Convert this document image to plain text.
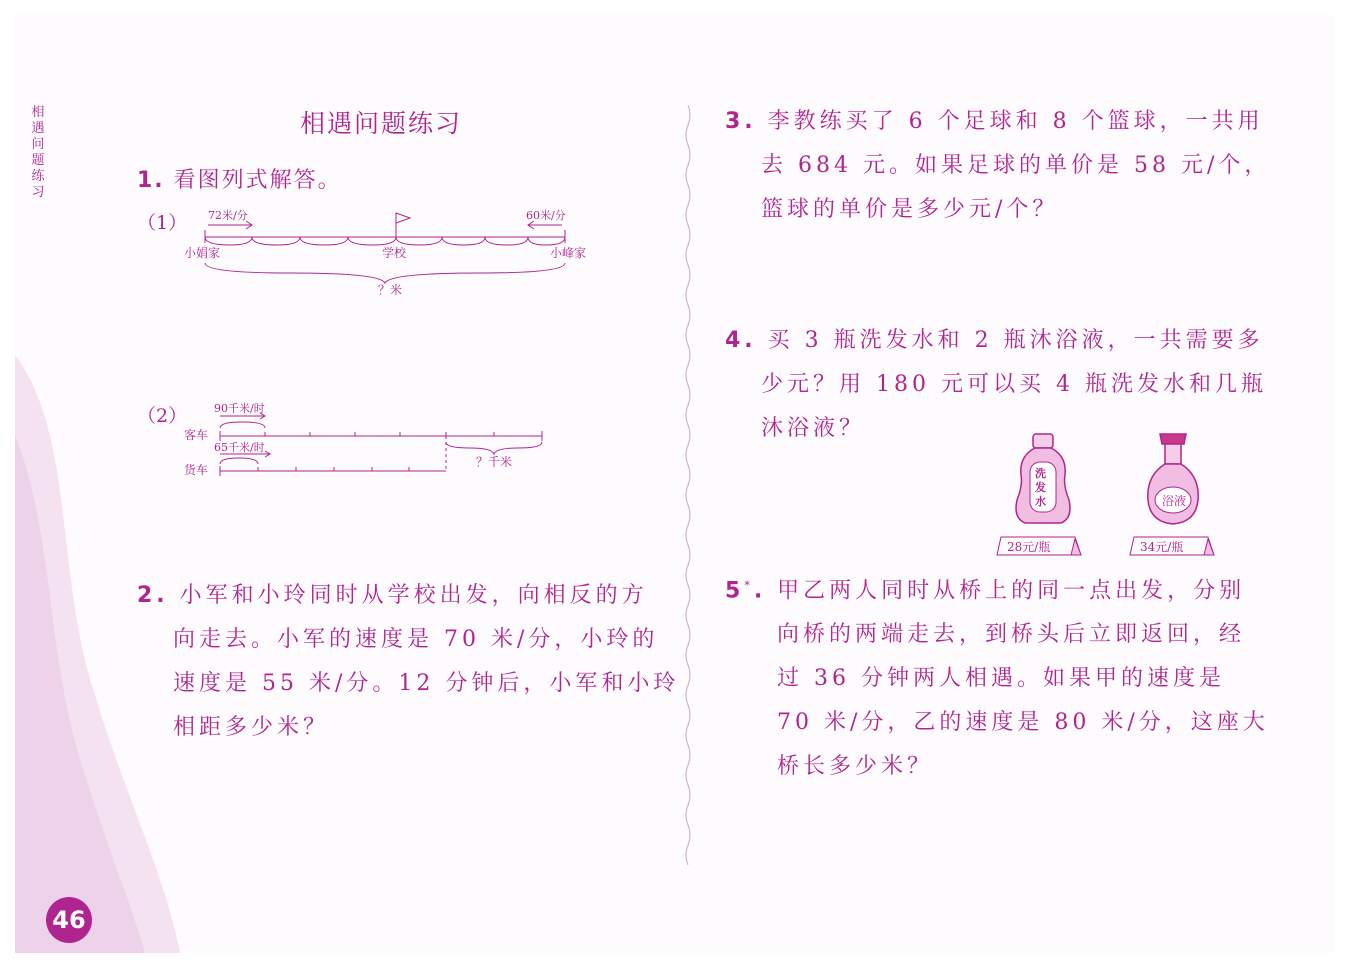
相遇问题练习
相遇问题练习
1. 看图列式解答。
（1） 72米/分	60米/分
小娟家	学校	小峰家
？米
（2） 90千米/时
客车
65千米/时
货车
？千米
2. 小军和小玲同时从学校出发，向相反的方
向走去。小军的速度是 70 米/分，小玲的
速度是 55 米/分。12 分钟后，小军和小玲
相距多少米？
3. 李教练买了 6 个足球和 8 个篮球，一共用
去 684 元。如果足球的单价是 58 元/个，
篮球的单价是多少元/个？
4. 买 3 瓶洗发水和 2 瓶沐浴液，一共需要多
少元？用 180 元可以买 4 瓶洗发水和几瓶
沐浴液？
洗
发
水	浴液
28元/瓶	34元/瓶
5*. 甲乙两人同时从桥上的同一点出发，分别
向桥的两端走去，到桥头后立即返回，经
过 36 分钟两人相遇。如果甲的速度是
70 米/分，乙的速度是 80 米/分，这座大
桥长多少米？
46
